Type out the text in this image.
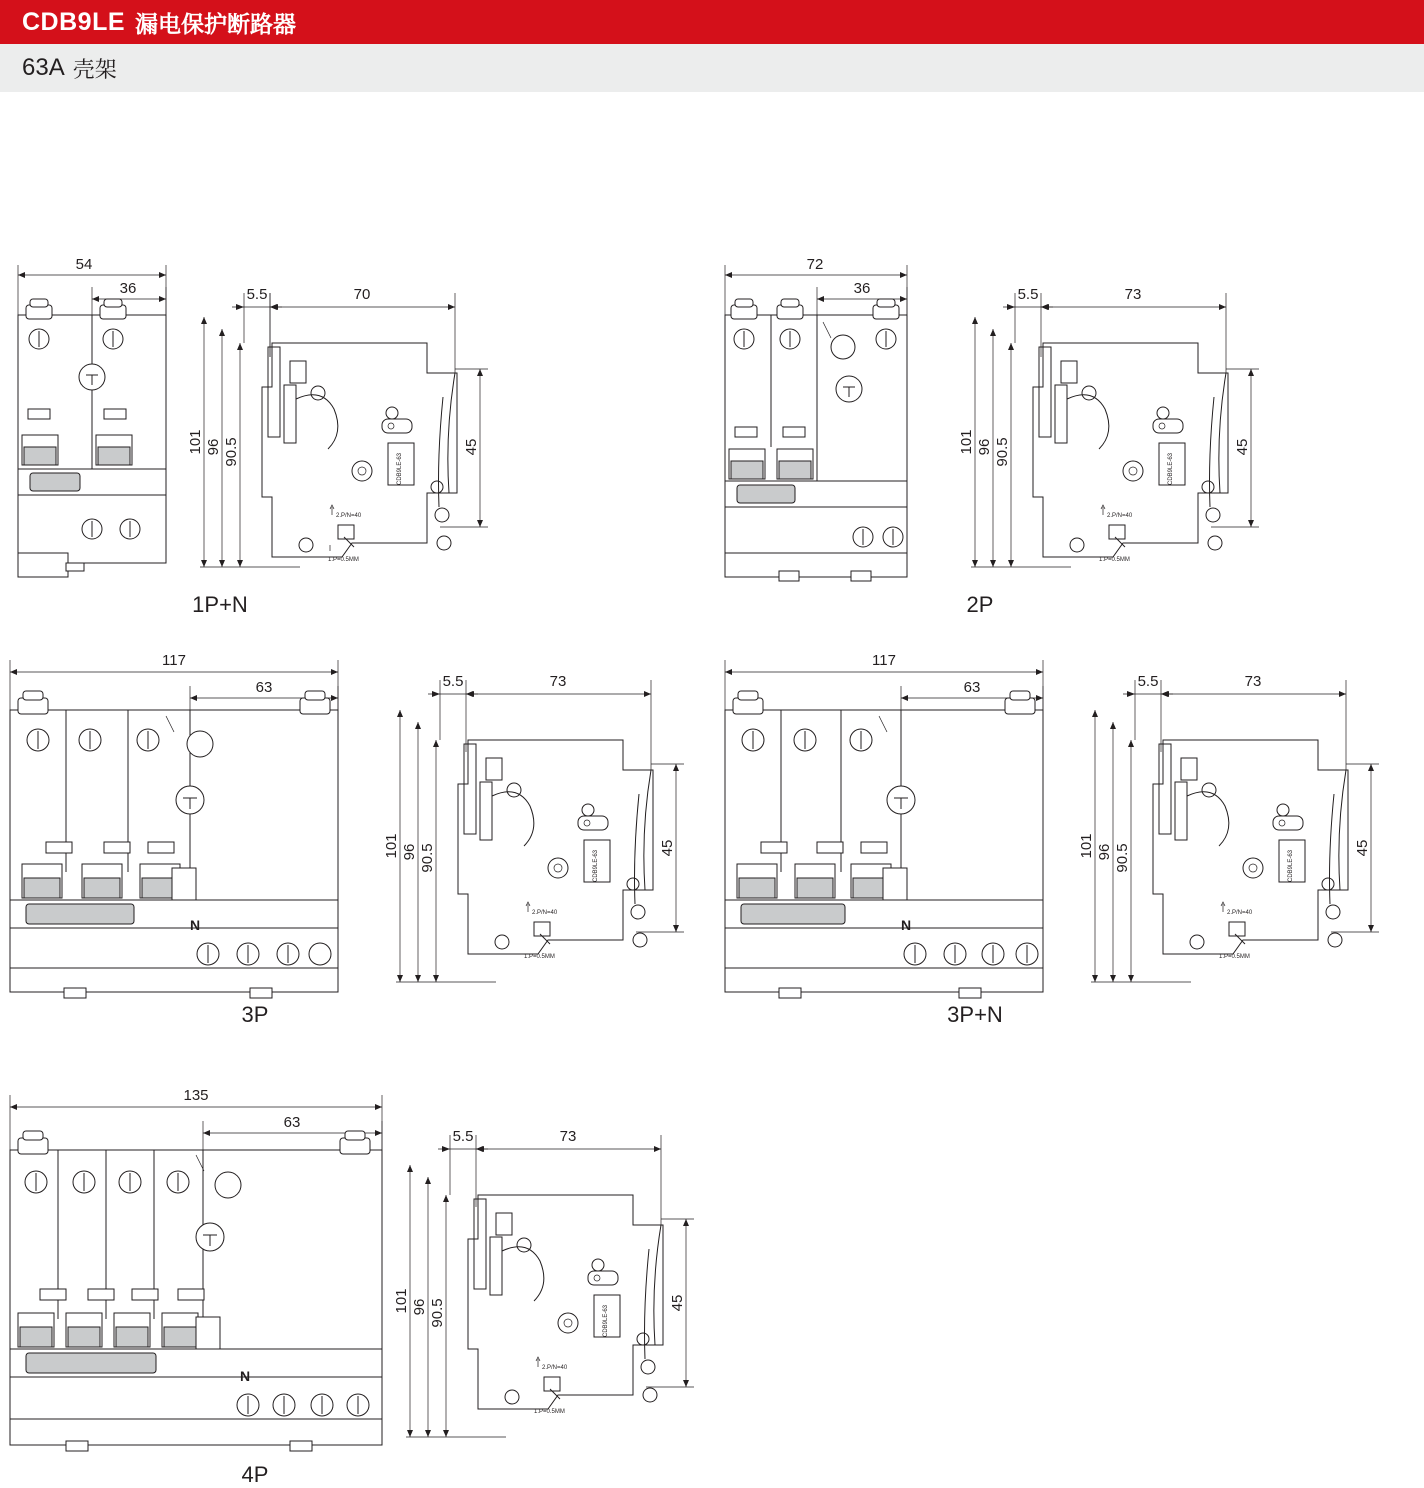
CDB9LE 漏电保护断路器
63A 壳架
54
36	5.5	70
101 96 90.5	45
CDB9LE-63
2.P/N=40
1.P=0.5MM
1P+N
72
36	5.5	73
101 96 90.5	45
CDB9LE-63
2.P/N=40
1.P=0.5MM
2P
117
63
N
5.5	73
101 96 90.5	45
CDB9LE-63
2.P/N=40
1.P=0.5MM
3P
117
63
N
5.5	73
101 96 90.5	45
CDB9LE-63
2.P/N=40
1.P=0.5MM
3P+N
135
63
N
5.5	73
101 96 90.5	45
CDB9LE-63
2.P/N=40
1.P=0.5MM
4P
